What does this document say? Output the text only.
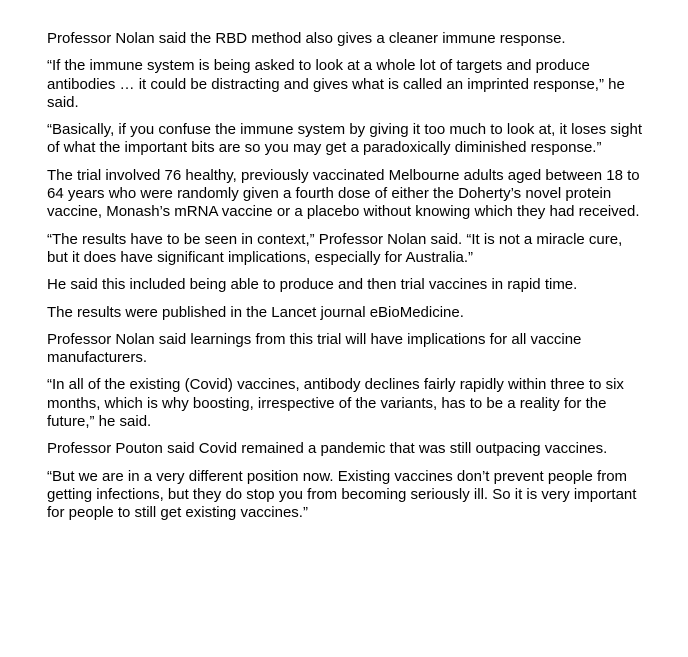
Professor Nolan said the RBD method also gives a cleaner immune response.

“If the immune system is being asked to look at a whole lot of targets and produce antibodies … it could be distracting and gives what is called an imprinted response,” he said.

“Basically, if you confuse the immune system by giving it too much to look at, it loses sight of what the important bits are so you may get a paradoxically diminished response.”

The trial involved 76 healthy, previously vaccinated Melbourne adults aged between 18 to 64 years who were randomly given a fourth dose of either the Doherty’s novel protein vaccine, Monash’s mRNA vaccine or a placebo without knowing which they had received.

“The results have to be seen in context,” Professor Nolan said. “It is not a miracle cure, but it does have significant implications, especially for Australia.”

He said this included being able to produce and then trial vaccines in rapid time.

The results were published in the Lancet journal eBioMedicine.

Professor Nolan said learnings from this trial will have implications for all vaccine manufacturers.

“In all of the existing (Covid) vaccines, antibody declines fairly rapidly within three to six months, which is why boosting, irrespective of the variants, has to be a reality for the future,” he said.

Professor Pouton said Covid remained a pandemic that was still outpacing vaccines.

“But we are in a very different position now. Existing vaccines don’t prevent people from getting infections, but they do stop you from becoming seriously ill. So it is very important for people to still get existing vaccines.”
